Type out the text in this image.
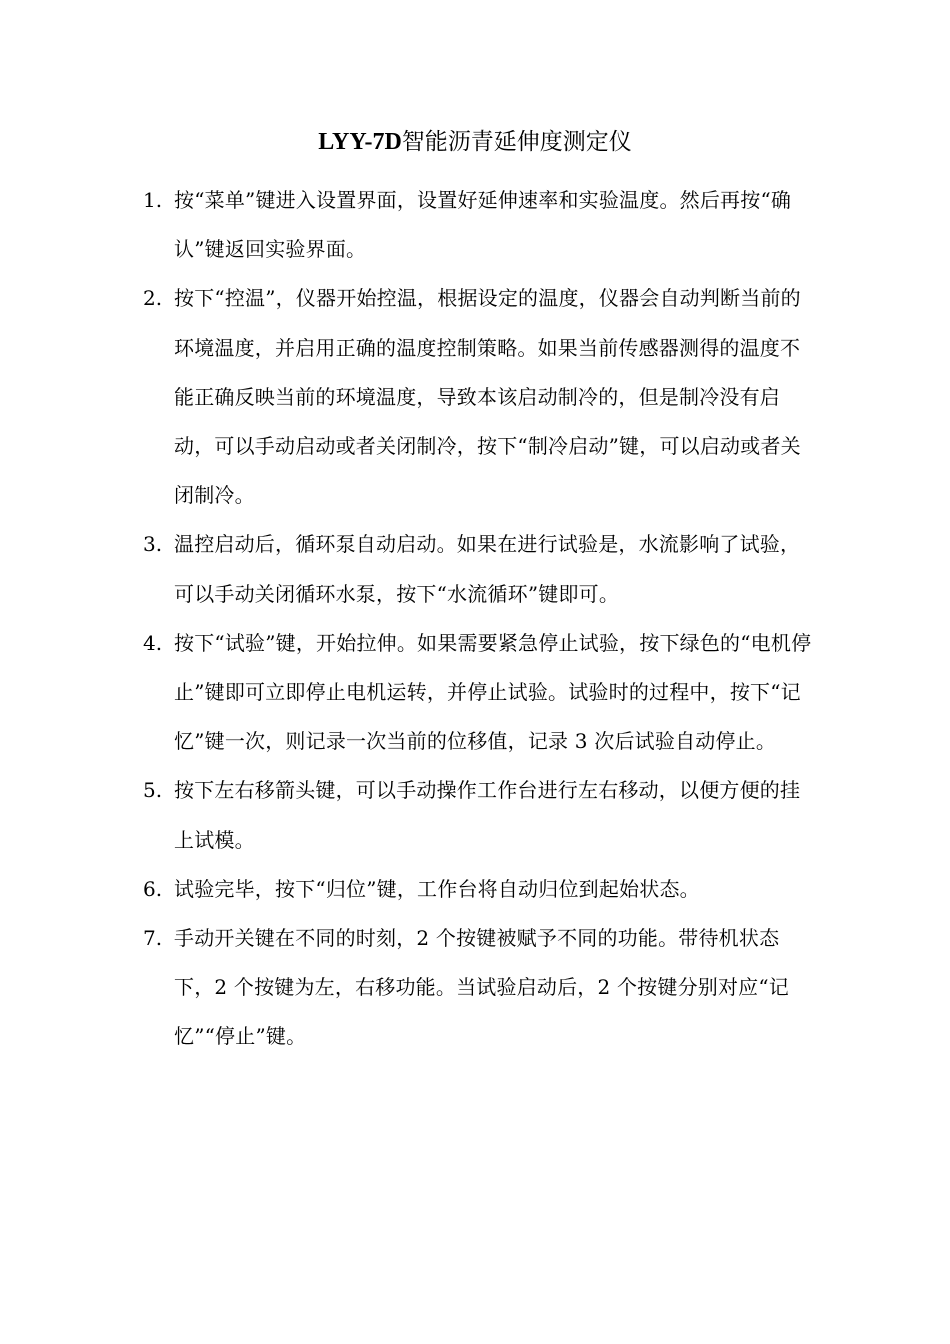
LYY-7D智能沥青延伸度测定仪
1. 按“菜单”键进入设置界面，设置好延伸速率和实验温度。然后再按“确认”键返回实验界面。
2. 按下“控温”，仪器开始控温，根据设定的温度，仪器会自动判断当前的环境温度，并启用正确的温度控制策略。如果当前传感器测得的温度不能正确反映当前的环境温度，导致本该启动制冷的，但是制冷没有启动，可以手动启动或者关闭制冷，按下“制冷启动”键，可以启动或者关闭制冷。
3. 温控启动后，循环泵自动启动。如果在进行试验是，水流影响了试验，可以手动关闭循环水泵，按下“水流循环”键即可。
4. 按下“试验”键，开始拉伸。如果需要紧急停止试验，按下绿色的“电机停止”键即可立即停止电机运转，并停止试验。试验时的过程中，按下“记忆”键一次，则记录一次当前的位移值，记录 3 次后试验自动停止。
5. 按下左右移箭头键，可以手动操作工作台进行左右移动，以便方便的挂上试模。
6. 试验完毕，按下“归位”键，工作台将自动归位到起始状态。
7. 手动开关键在不同的时刻，2 个按键被赋予不同的功能。带待机状态下，2 个按键为左，右移功能。当试验启动后，2 个按键分别对应“记忆”“停止”键。
